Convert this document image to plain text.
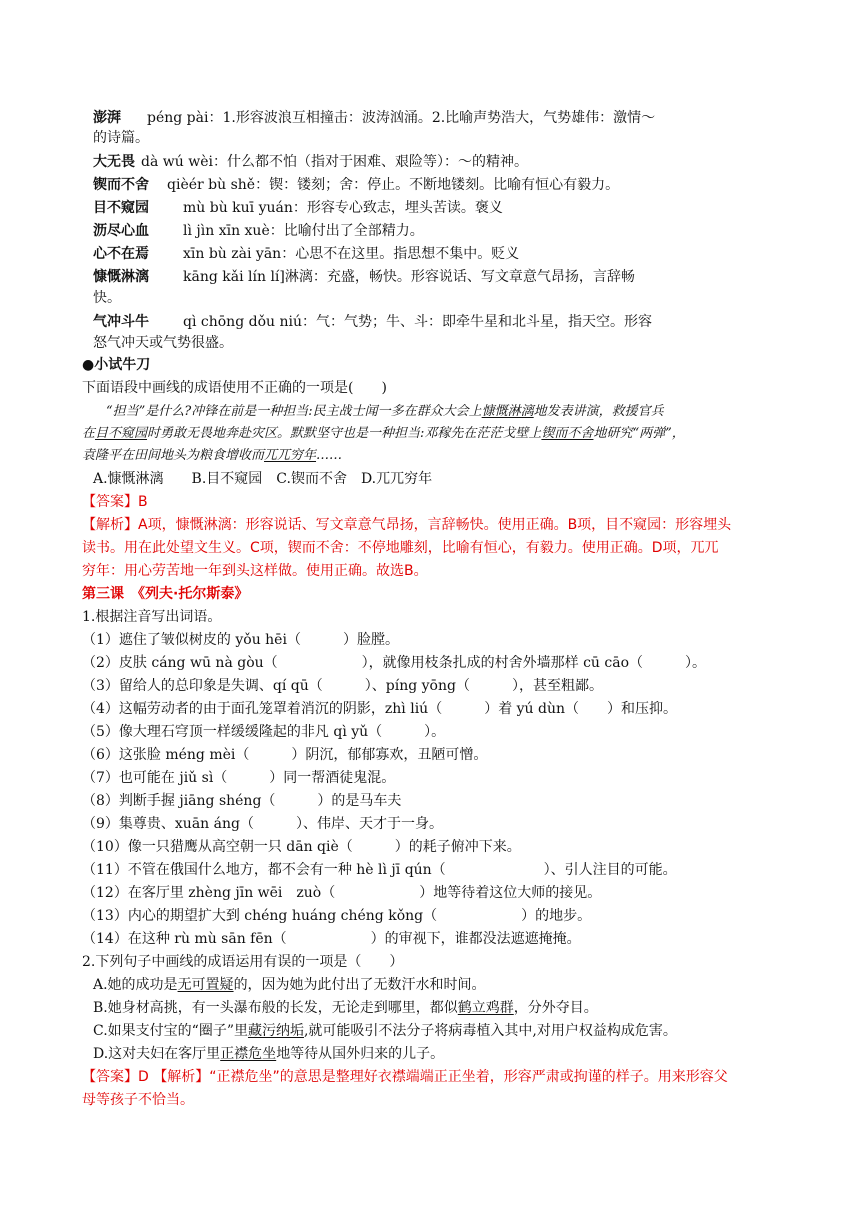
澎湃 péng pài：1.形容波浪互相撞击：波涛汹涌。2.比喻声势浩大，气势雄伟：激情～
的诗篇。
大无畏 dà wú wèi：什么都不怕（指对于困难、艰险等）：～的精神。
锲而不舍 qièér bù shě：锲：镂刻；舍：停止。不断地镂刻。比喻有恒心有毅力。
目不窥园 mù bù kuī yuán：形容专心致志，埋头苦读。褒义
沥尽心血 lì jìn xīn xuè：比喻付出了全部精力。
心不在焉 xīn bù zài yān：心思不在这里。指思想不集中。贬义
慷慨淋漓 kāng kǎi lín lí]淋漓：充盛，畅快。形容说话、写文章意气昂扬，言辞畅
快。
气冲斗牛 qì chōng dǒu niú：气：气势；牛、斗：即牵牛星和北斗星，指天空。形容
怒气冲天或气势很盛。
●小试牛刀
下面语段中画线的成语使用不正确的一项是(　　)
“担当”是什么?冲锋在前是一种担当:民主战士闻一多在群众大会上慷慨淋漓地发表讲演，救援官兵
在目不窥园时勇敢无畏地奔赴灾区。默默坚守也是一种担当:邓稼先在茫茫戈壁上锲而不舍地研究“两弹”，
袁隆平在田间地头为粮食增收而兀兀穷年……
A.慷慨淋漓　　B.目不窥园　C.锲而不舍　D.兀兀穷年
【答案】B
【解析】A项，慷慨淋漓：形容说话、写文章意气昂扬，言辞畅快。使用正确。B项，目不窥园：形容埋头
读书。用在此处望文生义。C项，锲而不舍：不停地雕刻，比喻有恒心，有毅力。使用正确。D项，兀兀
穷年：用心劳苦地一年到头这样做。使用正确。故选B。
第三课　《列夫·托尔斯泰》
1.根据注音写出词语。
（1）遮住了皱似树皮的 yǒu hēi（　　　）脸膛。
（2）皮肤 cáng wū nà gòu（　　　　　　），就像用枝条扎成的村舍外墙那样 cū cāo（　　　）。
（3）留给人的总印象是失调、qí qū（　　　）、píng yōng（　　　），甚至粗鄙。
（4）这幅劳动者的由于面孔笼罩着消沉的阴影，zhì liú（　　　）着 yú dùn（　　）和压抑。
（5）像大理石穹顶一样缓缓隆起的非凡 qì yǔ（　　　）。
（6）这张脸 méng mèi（　　　）阴沉，郁郁寡欢，丑陋可憎。
（7）也可能在 jiǔ sì（　　　）同一帮酒徒鬼混。
（8）判断手握 jiāng shéng（　　　）的是马车夫
（9）集尊贵、xuān áng（　　　）、伟岸、天才于一身。
（10）像一只猎鹰从高空朝一只 dān qiè（　　　）的耗子俯冲下来。
（11）不管在俄国什么地方，都不会有一种 hè lì jī qún（　　　　　　　）、引人注目的可能。
（12）在客厅里 zhèng jīn wēi　zuò（　　　　　　）地等待着这位大师的接见。
（13）内心的期望扩大到 chéng huáng chéng kǒng（　　　　　　）的地步。
（14）在这种 rù mù sān fēn（　　　　　　）的审视下，谁都没法遮遮掩掩。
2.下列句子中画线的成语运用有误的一项是（　　）
A.她的成功是无可置疑的，因为她为此付出了无数汗水和时间。
B.她身材高挑，有一头瀑布般的长发，无论走到哪里，都似鹤立鸡群，分外夺目。
C.如果支付宝的“圈子”里藏污纳垢,就可能吸引不法分子将病毒植入其中,对用户权益构成危害。
D.这对夫妇在客厅里正襟危坐地等待从国外归来的儿子。
【答案】D 【解析】“正襟危坐”的意思是整理好衣襟端端正正坐着，形容严肃或拘谨的样子。用来形容父
母等孩子不恰当。
